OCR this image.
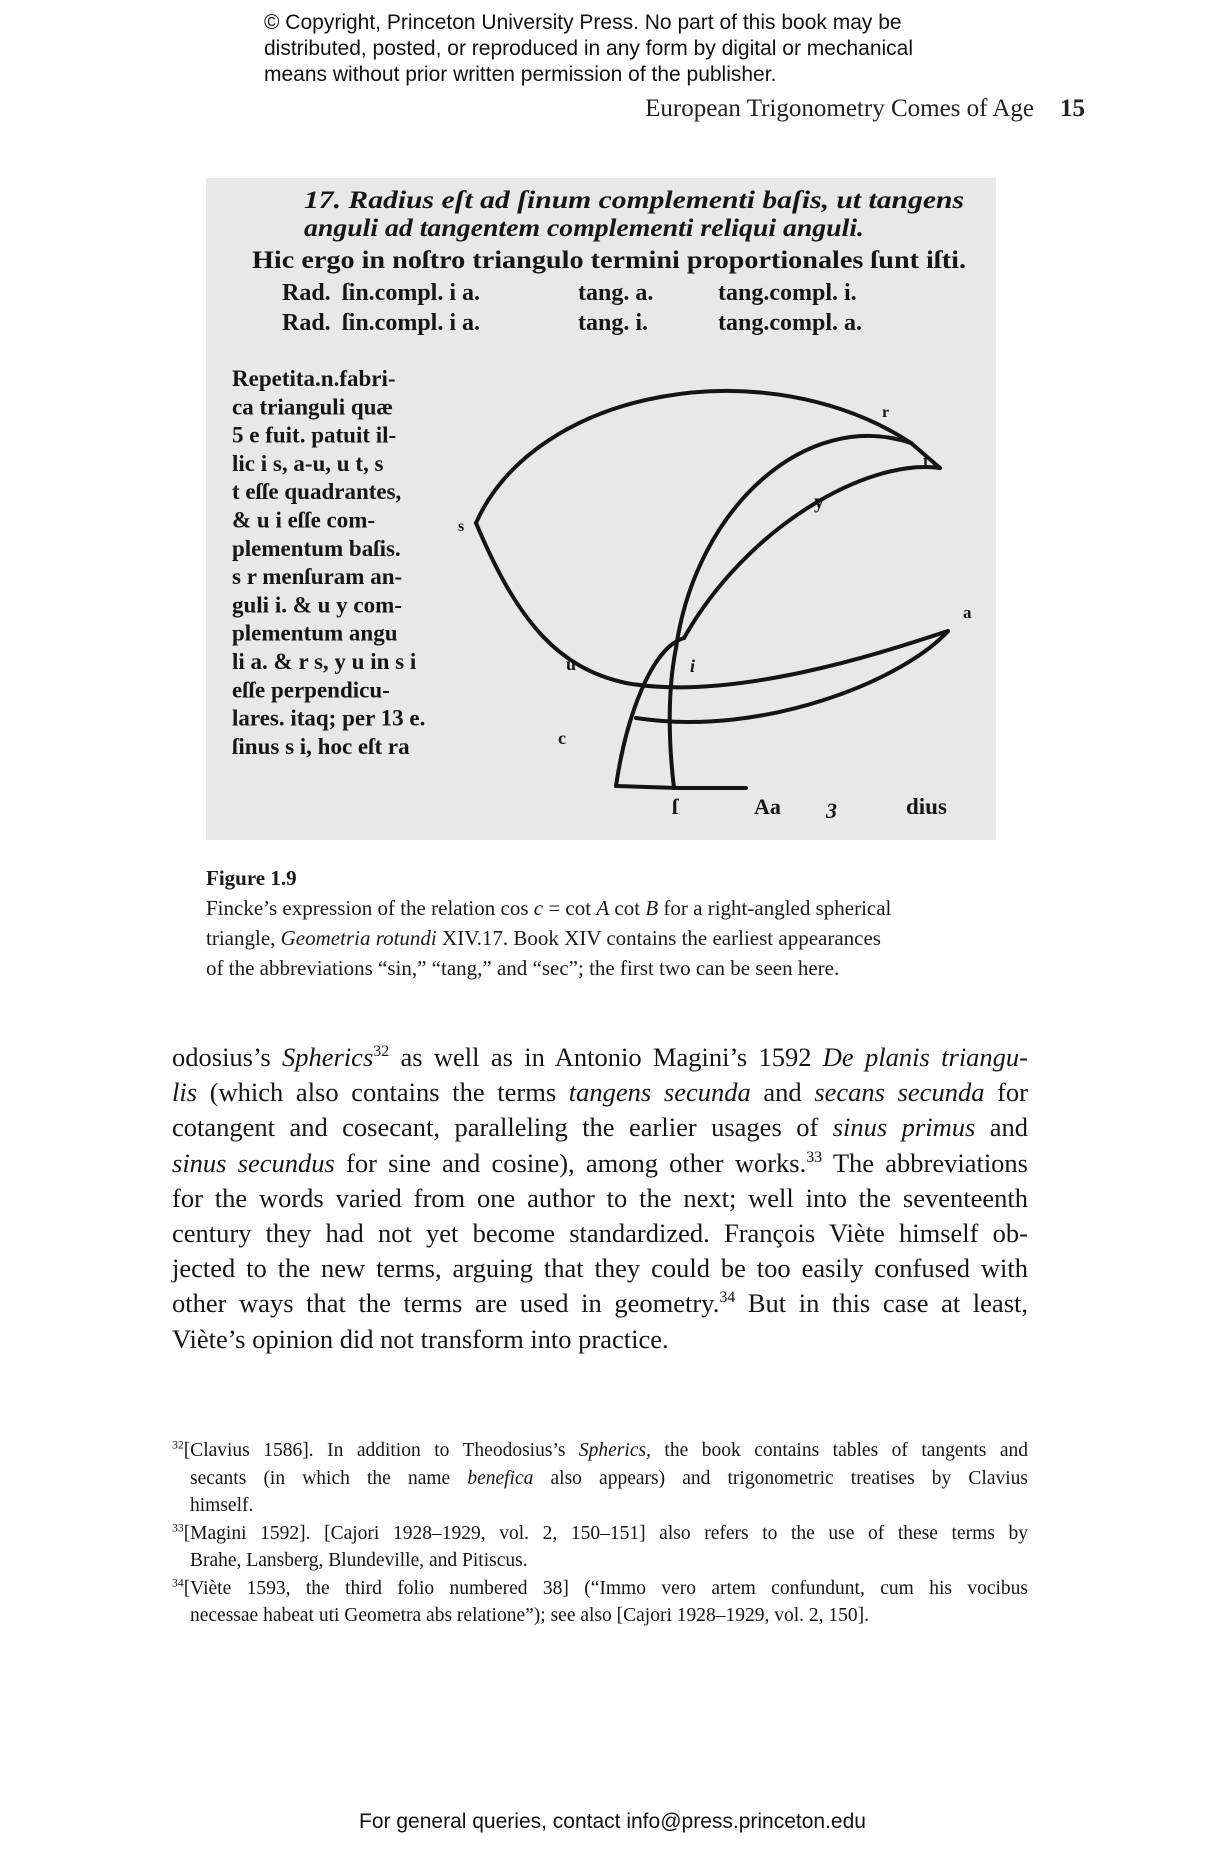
© Copyright, Princeton University Press. No part of this book may be
distributed, posted, or reproduced in any form by digital or mechanical
means without prior written permission of the publisher.
European Trigonometry Comes of Age 15
17. Radius eſt ad ſinum complementi baſis, ut tangens
anguli ad tangentem complementi reliqui anguli.
Hic ergo in noſtro triangulo termini proportionales ſunt iſti.
Rad. ſin.compl. i a.	tang. a.	tang.compl. i.
Rad. ſin.compl. i a.	tang. i.	tang.compl. a.
Repetita.n.fabri-
ca trianguli quæ
5 e fuit. patuit il-
lic i s, a-u, u t, s
t eſſe quadrantes,
& u i eſſe com-
plementum baſis.
s r menſuram an-
guli i. & u y com-
plementum angu
li a. & r s, y u in s i
eſſe perpendicu-
lares. itaq; per 13 e.
ſinus s i, hoc eſt ra
s
r
t
y
u	i
c
a
ſ	Aa 3	dius
Figure 1.9
Fincke’s expression of the relation cos c = cot A cot B for a right-angled spherical
triangle, Geometria rotundi XIV.17. Book XIV contains the earliest appearances
of the abbreviations “sin,” “tang,” and “sec”; the first two can be seen here.
odosius’s Spherics$^{32}$ as well as in Antonio Magini’s 1592 De planis triangu-
lis (which also contains the terms tangens secunda and secans secunda for
cotangent and cosecant, paralleling the earlier usages of sinus primus and
sinus secundus for sine and cosine), among other works.$^{33}$ The abbreviations
for the words varied from one author to the next; well into the seventeenth
century they had not yet become standardized. François Viète himself ob-
jected to the new terms, arguing that they could be too easily confused with
other ways that the terms are used in geometry.$^{34}$ But in this case at least,
Viète’s opinion did not transform into practice.
$^{32}$[Clavius 1586]. In addition to Theodosius’s Spherics, the book contains tables of tangents and
secants (in which the name benefica also appears) and trigonometric treatises by Clavius
himself.
$^{33}$[Magini 1592]. [Cajori 1928–1929, vol. 2, 150–151] also refers to the use of these terms by
Brahe, Lansberg, Blundeville, and Pitiscus.
$^{34}$[Viète 1593, the third folio numbered 38] (“Immo vero artem confundunt, cum his vocibus
necessae habeat uti Geometra abs relatione”); see also [Cajori 1928–1929, vol. 2, 150].
For general queries, contact info@press.princeton.edu
